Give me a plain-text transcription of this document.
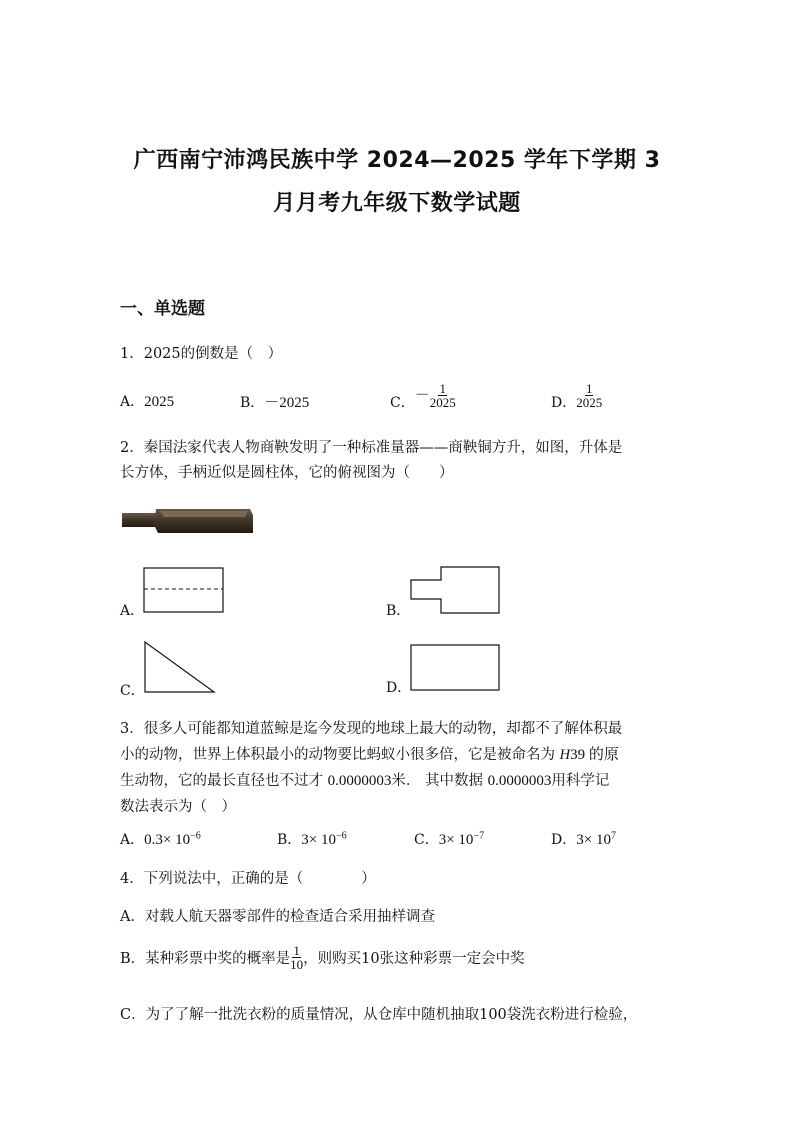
广西南宁沛鸿民族中学 2024—2025 学年下学期 3
月月考九年级下数学试题
一、单选题
1．2025的倒数是（　）
A．2025	B．－2025	C．－ $\frac{1}{2025}$	D． $\frac{1}{2025}$
2．秦国法家代表人物商鞅发明了一种标准量器——商鞅铜方升，如图，升体是
长方体，手柄近似是圆柱体，它的俯视图为（　　）
A．	B．
C．	D．
3．很多人可能都知道蓝鲸是迄今发现的地球上最大的动物，却都不了解体积最
小的动物，世界上体积最小的动物要比蚂蚁小很多倍，它是被命名为 H39 的原
生动物，它的最长直径也不过才 0.0000003米． 其中数据 0.0000003用科学记
数法表示为（　）
A．$0.3\times 10^{-6}$	B．$3\times 10^{-6}$	C．$3\times 10^{-7}$	D．$3\times 10^7$
4．下列说法中，正确的是（　　　　）
A．对载人航天器零部件的检查适合采用抽样调查
B．某种彩票中奖的概率是 $\frac{1}{10}$ ，则购买10张这种彩票一定会中奖
C．为了了解一批洗衣粉的质量情况，从仓库中随机抽取100袋洗衣粉进行检验，
